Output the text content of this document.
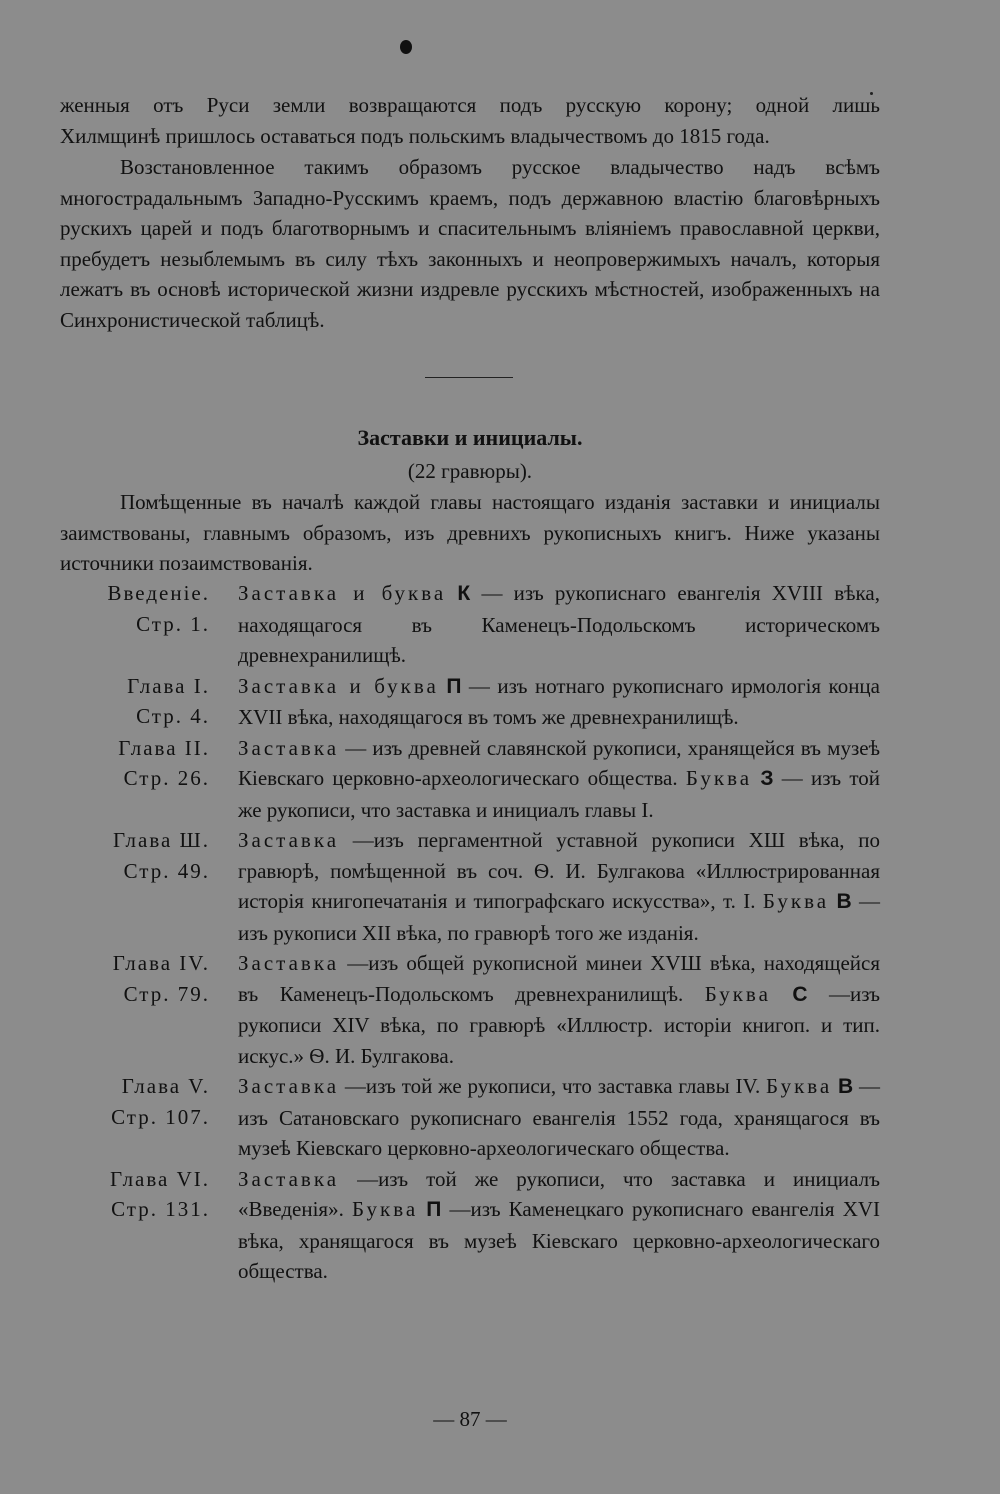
женныя отъ Руси земли возвращаются подъ русскую корону; одной лишь

Хилмщинѣ пришлось оставаться подъ польскимъ владычествомъ до 1815 года.

Возстановленное такимъ образомъ русское владычество надъ всѣмъ многострадальнымъ Западно-Русскимъ краемъ, подъ державною властiю благовѣрныхъ рускихъ царей и подъ благотворнымъ и спасительнымъ влiянiемъ православной церкви, пребудетъ незыблемымъ въ силу тѣхъ законныхъ и неопровержимыхъ началъ, которыя лежатъ въ основѣ исторической жизни издревле русскихъ мѣстностей, изображенныхъ на Синхронистической таблицѣ.

Заставки и инициалы.
(22 гравюры).

Помѣщенные въ началѣ каждой главы настоящаго изданiя заставки и инициалы заимствованы, главнымъ образомъ, изъ древнихъ рукописныхъ книгъ. Ниже указаны источники позаимствованiя.

Введенiе.
Стр. 1.
Заставка и буква К — изъ рукописнаго евангелiя XVIII вѣка, находящагося въ Каменецъ-Подольскомъ историческомъ древнехранилищѣ.
Глава I.
Стр. 4.
Заставка и буква П — изъ нотнаго рукописнаго ирмологiя конца XVII вѣка, находящагося въ томъ же древнехранилищѣ.
Глава II.
Стр. 26.
Заставка — изъ древней славянской рукописи, хранящейся въ музеѣ Кiевскаго церковно-археологическаго общества. Буква З — изъ той же рукописи, что заставка и инициалъ главы I.
Глава Ш.
Стр. 49.
Заставка —изъ пергаментной уставной рукописи XШ вѣка, по гравюрѣ, помѣщенной въ соч. Ѳ. И. Булгакова «Иллюстрированная исторiя книгопечатанiя и типографскаго искусства», т. I. Буква В — изъ рукописи XII вѣка, по гравюрѣ того же изданiя.
Глава IV.
Стр. 79.
Заставка —изъ общей рукописной минеи XVШ вѣка, находящейся въ Каменецъ-Подольскомъ древнехранилищѣ. Буква С —изъ рукописи XIV вѣка, по гравюрѣ «Иллюстр. исторiи книгоп. и тип. искус.» Ѳ. И. Булгакова.
Глава V.
Стр. 107.
Заставка —изъ той же рукописи, что заставка главы IV. Буква В — изъ Сатановскаго рукописнаго евангелiя 1552 года, хранящагося въ музеѣ Кiевскаго церковно-археологическаго общества.
Глава VI.
Стр. 131.
Заставка —изъ той же рукописи, что заставка и инициалъ «Введенiя». Буква П —изъ Каменецкаго рукописнаго евангелiя XVI вѣка, хранящагося въ музеѣ Кiевскаго церковно-археологическаго общества.
— 87 —
